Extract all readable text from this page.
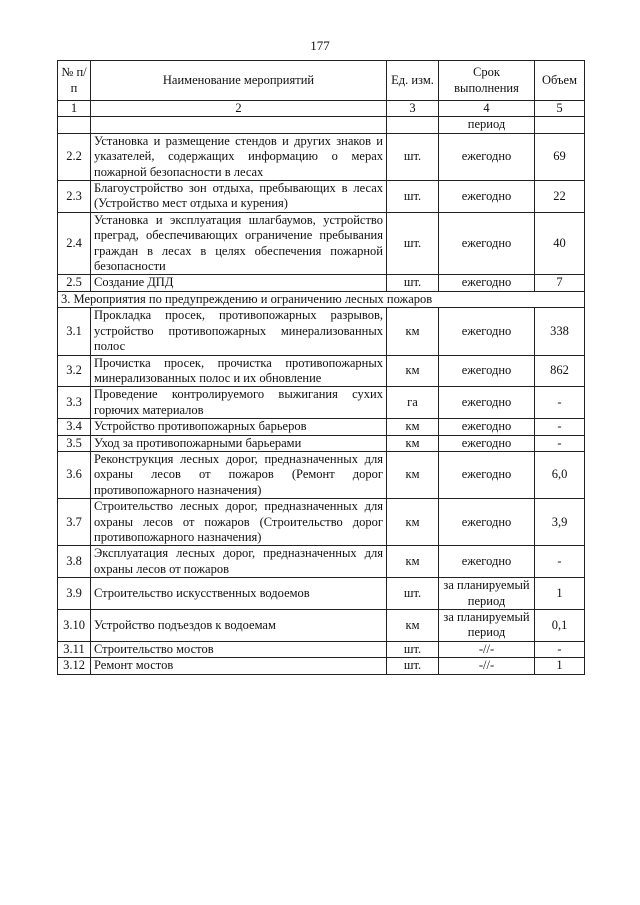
177
№ п/п	Наименование мероприятий	Ед. изм.	Срок выполнения	Объем
1	2	3	4	5
			период	
2.2	Установка и размещение стендов и других знаков и указателей, содержащих информацию о мерах пожарной безопасности в лесах	шт.	ежегодно	69
2.3	Благоустройство зон отдыха, пребывающих в лесах (Устройство мест отдыха и курения)	шт.	ежегодно	22
2.4	Установка и эксплуатация шлагбаумов, устройство преград, обеспечивающих ограничение пребывания граждан в лесах в целях обеспечения пожарной безопасности	шт.	ежегодно	40
2.5	Создание ДПД	шт.	ежегодно	7
3. Мероприятия по предупреждению и ограничению лесных пожаров				
3.1	Прокладка просек, противопожарных разрывов, устройство противопожарных минерализованных полос	км	ежегодно	338
3.2	Прочистка просек, прочистка противопожарных минерализованных полос и их обновление	км	ежегодно	862
3.3	Проведение контролируемого выжигания сухих горючих материалов	га	ежегодно	-
3.4	Устройство противопожарных барьеров	км	ежегодно	-
3.5	Уход за противопожарными барьерами	км	ежегодно	-
3.6	Реконструкция лесных дорог, предназначенных для охраны лесов от пожаров (Ремонт дорог противопожарного назначения)	км	ежегодно	6,0
3.7	Строительство лесных дорог, предназначенных для охраны лесов от пожаров (Строительство дорог противопожарного назначения)	км	ежегодно	3,9
3.8	Эксплуатация лесных дорог, предназначенных для охраны лесов от пожаров	км	ежегодно	-
3.9	Строительство искусственных водоемов	шт.	за планируемый период	1
3.10	Устройство подъездов к водоемам	км	за планируемый период	0,1
3.11	Строительство мостов	шт.	-//-	-
3.12	Ремонт мостов	шт.	-//-	1
